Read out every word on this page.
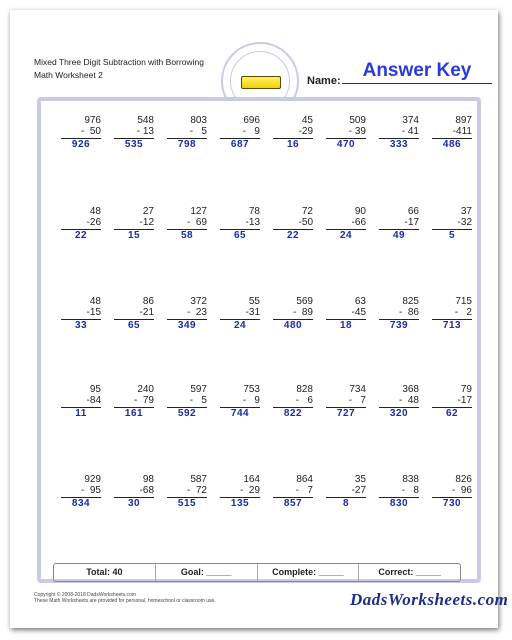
Mixed Three Digit Subtraction with Borrowing
Math Worksheet 2	Name:	Answer Key
976
-  50
926
548
- 13
535
803
-   5
798
696
-   9
687
45
-29
16
509
- 39
470
374
- 41
333
897
-411
486
48
-26
22
27
-12
15
127
-  69
58
78
-13
65
72
-50
22
90
-66
24
66
-17
49
37
-32
5
48
-15
33
86
-21
65
372
-  23
349
55
-31
24
569
-  89
480
63
-45
18
825
-  86
739
715
-   2
713
95
-84
11
240
-  79
161
597
-   5
592
753
-   9
744
828
-   6
822
734
-   7
727
368
-  48
320
79
-17
62
929
-  95
834
98
-68
30
587
-  72
515
164
-  29
135
864
-   7
857
35
-27
8
838
-   8
830
826
-  96
730
Total: 40	Goal: _____	Complete: _____	Correct: _____
Copyright © 2008-2018 DadsWorksheets.com
These Math Worksheets are provided for personal, homeschool or classroom use.	DadsWorksheets.com
